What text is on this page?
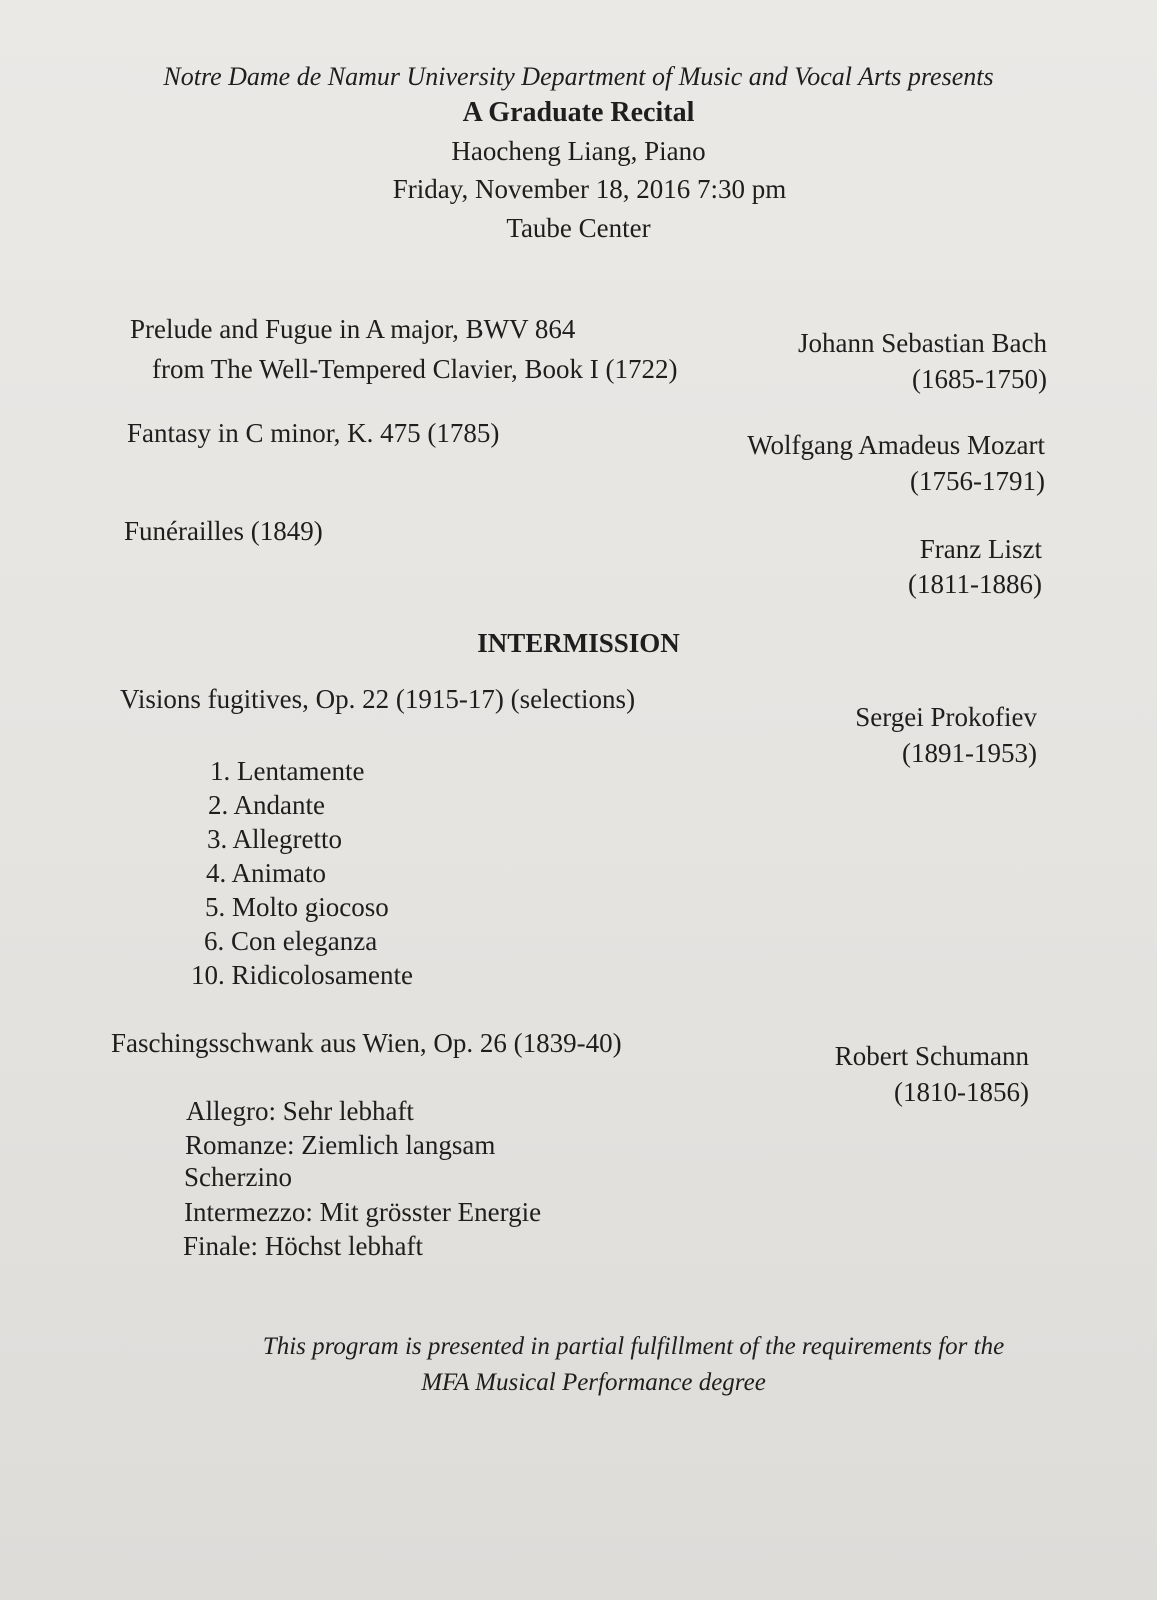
Notre Dame de Namur University Department of Music and Vocal Arts presents
A Graduate Recital
Haocheng Liang, Piano
Friday, November 18, 2016 7:30 pm
Taube Center
Prelude and Fugue in A major, BWV 864
from The Well-Tempered Clavier, Book I (1722)
Johann Sebastian Bach
(1685-1750)
Fantasy in C minor, K. 475 (1785)	Wolfgang Amadeus Mozart
(1756-1791)
Funérailles (1849)
Franz Liszt
(1811-1886)
INTERMISSION
Visions fugitives, Op. 22 (1915-17) (selections)
Sergei Prokofiev
(1891-1953)
1. Lentamente
2. Andante
3. Allegretto
4. Animato
5. Molto giocoso
6. Con eleganza
10. Ridicolosamente
Faschingsschwank aus Wien, Op. 26 (1839-40)	Robert Schumann
(1810-1856)
Allegro: Sehr lebhaft
Romanze: Ziemlich langsam
Scherzino
Intermezzo: Mit grösster Energie
Finale: Höchst lebhaft
This program is presented in partial fulfillment of the requirements for the
MFA Musical Performance degree
